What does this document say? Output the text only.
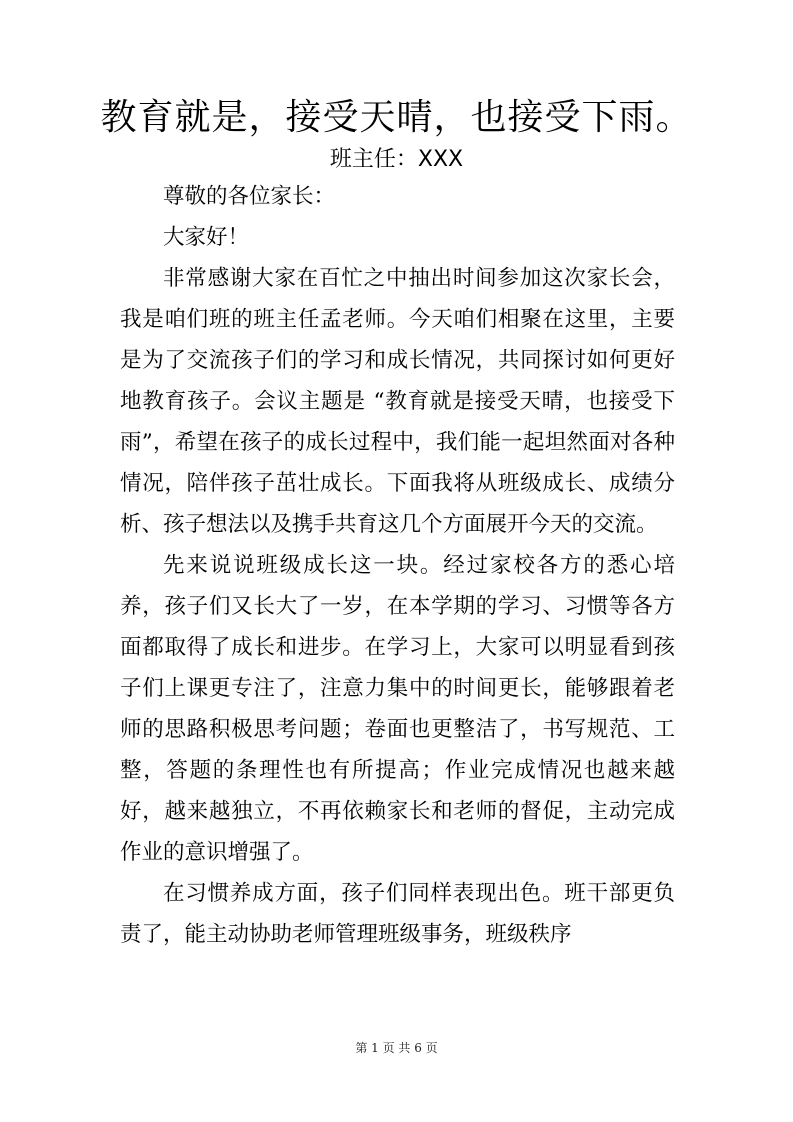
教育就是，接受天晴，也接受下雨。
班主任：XXX

尊敬的各位家长：

大家好！

非常感谢大家在百忙之中抽出时间参加这次家长会，我是咱们班的班主任孟老师。今天咱们相聚在这里，主要是为了交流孩子们的学习和成长情况，共同探讨如何更好地教育孩子。会议主题是 “教育就是接受天晴，也接受下雨”，希望在孩子的成长过程中，我们能一起坦然面对各种情况，陪伴孩子茁壮成长。下面我将从班级成长、成绩分析、孩子想法以及携手共育这几个方面展开今天的交流。

先来说说班级成长这一块。经过家校各方的悉心培养，孩子们又长大了一岁，在本学期的学习、习惯等各方面都取得了成长和进步。在学习上，大家可以明显看到孩子们上课更专注了，注意力集中的时间更长，能够跟着老师的思路积极思考问题；卷面也更整洁了，书写规范、工整，答题的条理性也有所提高；作业完成情况也越来越好，越来越独立，不再依赖家长和老师的督促，主动完成作业的意识增强了。

在习惯养成方面，孩子们同样表现出色。班干部更负责了，能主动协助老师管理班级事务，班级秩序

第 1 页 共 6 页
